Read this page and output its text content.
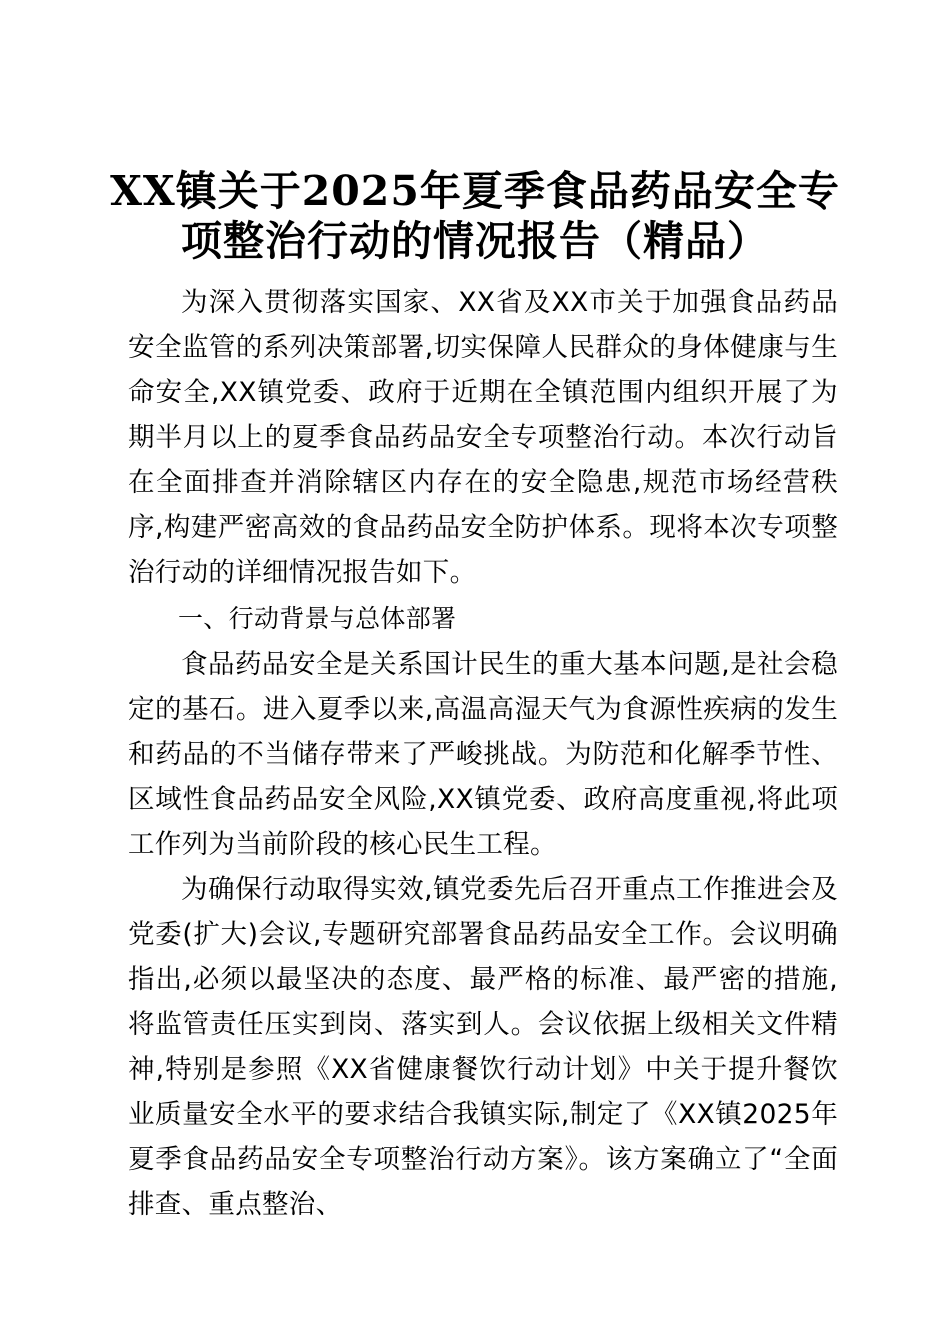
XX镇关于2025年夏季食品药品安全专项整治行动的情况报告（精品）

为深入贯彻落实国家、XX省及XX市关于加强食品药品安全监管的系列决策部署,切实保障人民群众的身体健康与生命安全,XX镇党委、政府于近期在全镇范围内组织开展了为期半月以上的夏季食品药品安全专项整治行动。本次行动旨在全面排查并消除辖区内存在的安全隐患,规范市场经营秩序,构建严密高效的食品药品安全防护体系。现将本次专项整治行动的详细情况报告如下。

一、行动背景与总体部署

食品药品安全是关系国计民生的重大基本问题,是社会稳定的基石。进入夏季以来,高温高湿天气为食源性疾病的发生和药品的不当储存带来了严峻挑战。为防范和化解季节性、区域性食品药品安全风险,XX镇党委、政府高度重视,将此项工作列为当前阶段的核心民生工程。

为确保行动取得实效,镇党委先后召开重点工作推进会及党委(扩大)会议,专题研究部署食品药品安全工作。会议明确指出,必须以最坚决的态度、最严格的标准、最严密的措施,将监管责任压实到岗、落实到人。会议依据上级相关文件精神,特别是参照《XX省健康餐饮行动计划》中关于提升餐饮业质量安全水平的要求结合我镇实际,制定了《XX镇2025年夏季食品药品安全专项整治行动方案》。该方案确立了“全面排查、重点整治、
